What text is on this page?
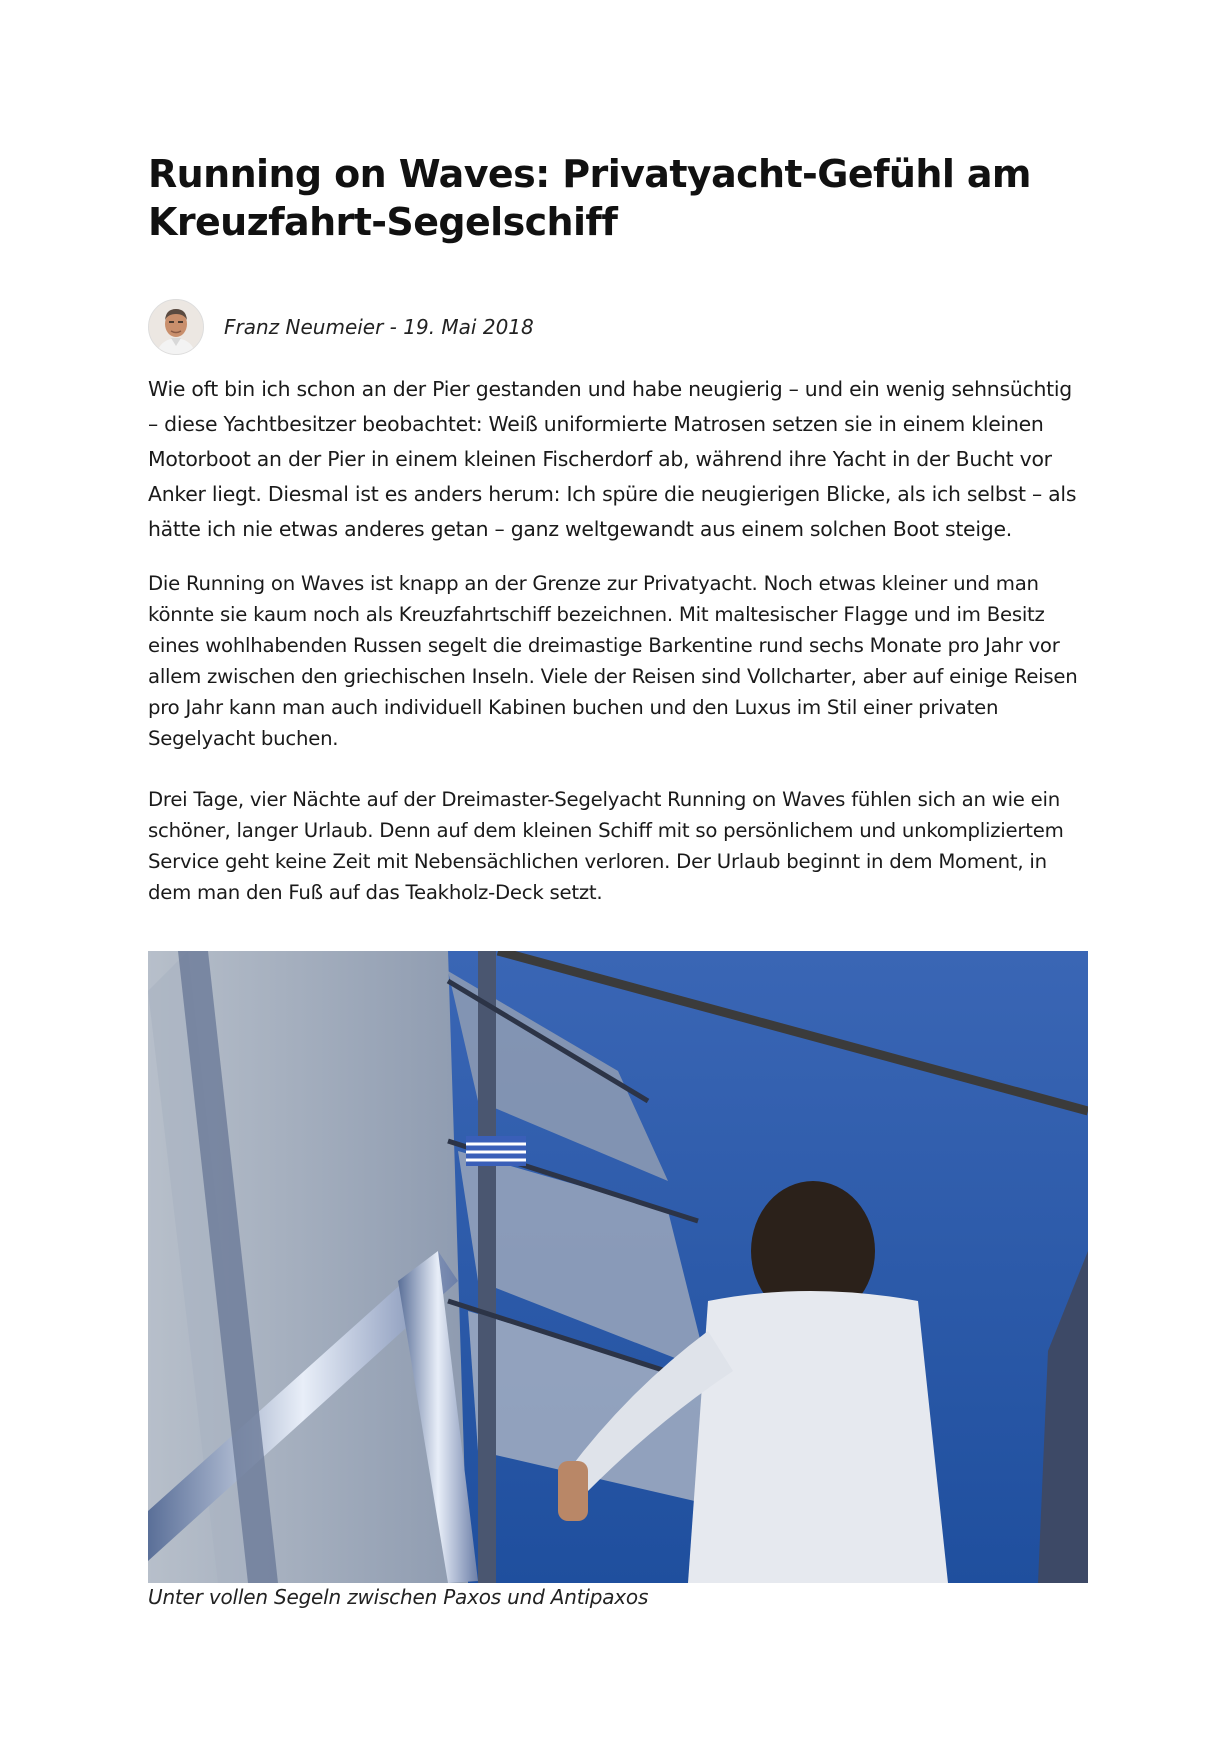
Running on Waves: Privatyacht-Gefühl am Kreuzfahrt-Segelschiff
Franz Neumeier - 19. Mai 2018

Wie oft bin ich schon an der Pier gestanden und habe neugierig – und ein wenig sehnsüchtig – diese Yachtbesitzer beobachtet: Weiß uniformierte Matrosen setzen sie in einem kleinen Motorboot an der Pier in einem kleinen Fischerdorf ab, während ihre Yacht in der Bucht vor Anker liegt. Diesmal ist es anders herum: Ich spüre die neugierigen Blicke, als ich selbst – als hätte ich nie etwas anderes getan – ganz weltgewandt aus einem solchen Boot steige.

Die Running on Waves ist knapp an der Grenze zur Privatyacht. Noch etwas kleiner und man könnte sie kaum noch als Kreuzfahrtschiff bezeichnen. Mit maltesischer Flagge und im Besitz eines wohlhabenden Russen segelt die dreimastige Barkentine rund sechs Monate pro Jahr vor allem zwischen den griechischen Inseln. Viele der Reisen sind Vollcharter, aber auf einige Reisen pro Jahr kann man auch individuell Kabinen buchen und den Luxus im Stil einer privaten Segelyacht buchen.

Drei Tage, vier Nächte auf der Dreimaster-Segelyacht Running on Waves fühlen sich an wie ein schöner, langer Urlaub. Denn auf dem kleinen Schiff mit so persönlichem und unkompliziertem Service geht keine Zeit mit Nebensächlichen verloren. Der Urlaub beginnt in dem Moment, in dem man den Fuß auf das Teakholz-Deck setzt.

Unter vollen Segeln zwischen Paxos und Antipaxos
